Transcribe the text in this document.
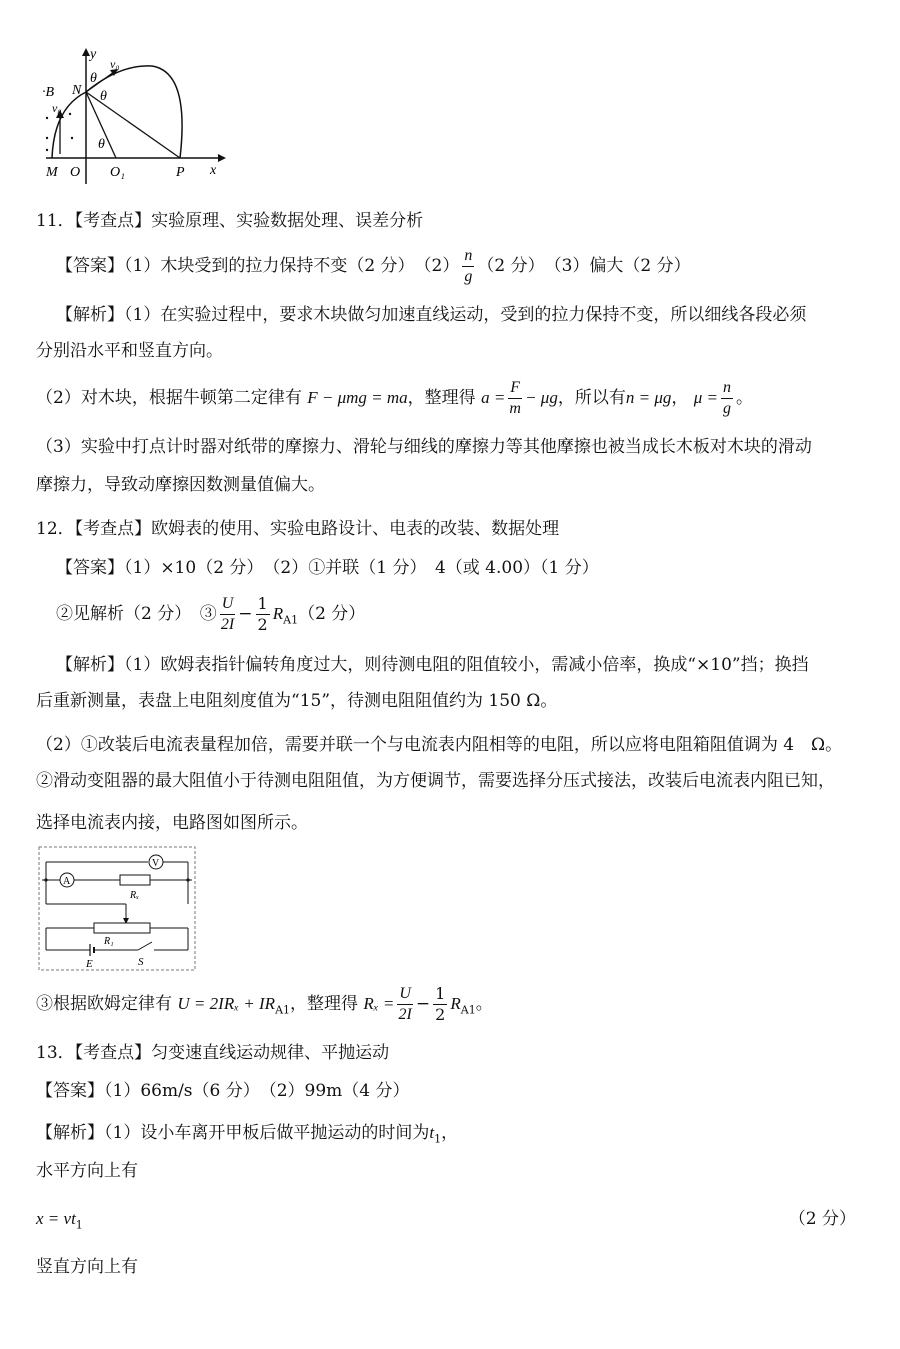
y
θ
v₀
N θ
·B
v₀
θ
M O O₁	P x
11．【考查点】实验原理、实验数据处理、误差分析
【答案】（1）木块受到的拉力保持不变（2 分）　$(2) \frac{n}{g} (2$ 分）　（3）偏大（2 分）
【解析】（1）在实验过程中，要求木块做匀加速直线运动，受到的拉力保持不变，所以细线各段必须
分别沿水平和竖直方向。
（2）对木块，根据牛顿第二定律有 F − μmg = ma，整理得 $a = \frac{F}{m} - \mu g$，所以有n = μg， $\mu = \frac{n}{g}$ 。
（3）实验中打点计时器对纸带的摩擦力、滑轮与细线的摩擦力等其他摩擦也被当成长木板对木块的滑动
摩擦力，导致动摩擦因数测量值偏大。
12．【考查点】欧姆表的使用、实验电路设计、电表的改装、数据处理
【答案】（1）×10（2 分）　（2）①并联（1 分）　4（或 4.00）（1 分）
②见解析（2 分）　③ $\frac{U}{2I} - \frac{1}{2} R_{A1}(2$ 分）
【解析】（1）欧姆表指针偏转角度过大，则待测电阻的阻值较小，需减小倍率，换成“×10”挡；换挡
后重新测量，表盘上电阻刻度值为“15”，待测电阻阻值约为 150 Ω。
（2）①改装后电流表量程加倍，需要并联一个与电流表内阻相等的电阻，所以应将电阻箱阻值调为 4　Ω。
②滑动变阻器的最大阻值小于待测电阻阻值，为方便调节，需要选择分压式接法，改装后电流表内阻已知，
选择电流表内接，电路图如图所示。
V
A
Rₓ
R₁
E	S
③根据欧姆定律有 $U = 2IR_x + IR_{A1}$，整理得 $R_x = \frac{U}{2I} - \frac{1}{2} R_{A1}$。
13．【考查点】匀变速直线运动规律、平抛运动
【答案】（1）66m/s（6 分）　（2）99m（4 分）
【解析】（1）设小车离开甲板后做平抛运动的时间为$t_1$，
水平方向上有
$x = vt_1$	（2 分）
竖直方向上有
